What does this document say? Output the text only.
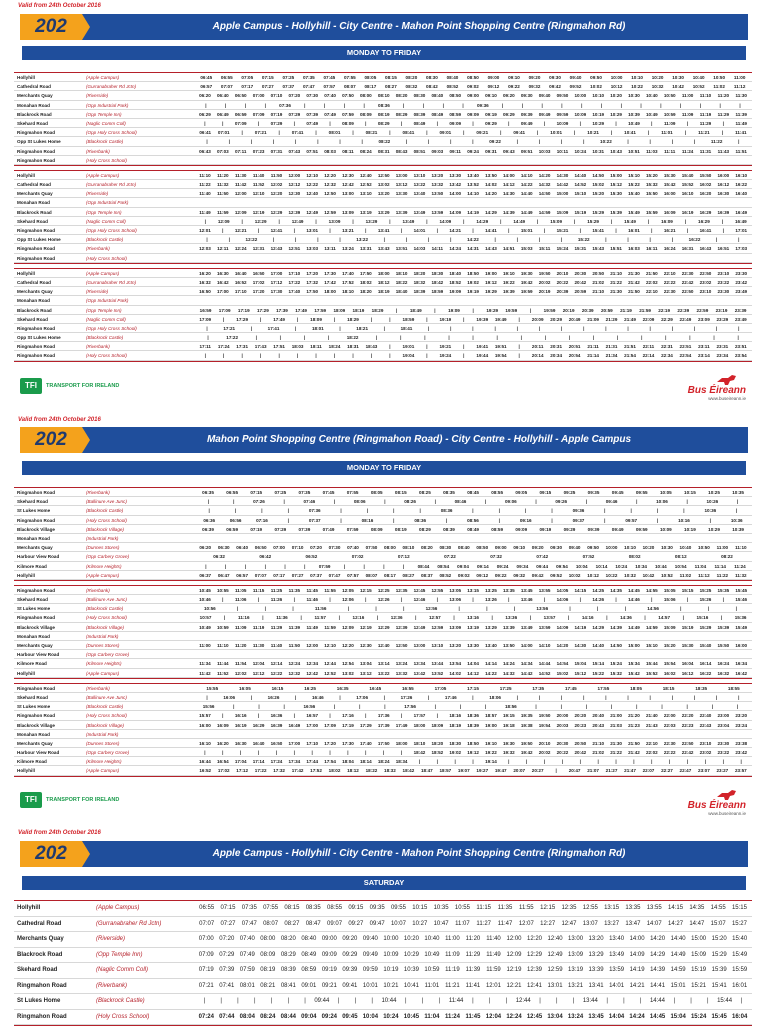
Valid from 24th October 2016
202	Apple Campus - Hollyhill - City Centre - Mahon Point Shopping Centre (Ringmahon Rd)
MONDAY TO FRIDAY
Hollyhill	(Apple Campus)	06:45	06:55	07:05	07:15	07:25	07:35	07:45	07:55	08:05	08:15	08:20	08:30	08:40	08:50	09:00	09:10	09:20	09:30	09:40	09:50	10:00	10:10	10:20	10:30	10:40	10:50	11:00
Cathedral Road	(Gurranabraher Rd Jctn)	06:57	07:07	07:17	07:27	07:37	07:47	07:57	08:07	08:17	08:27	08:32	08:42	08:52	09:02	09:12	09:22	09:32	09:42	09:52	10:02	10:12	10:22	10:32	10:42	10:52	11:02	11:12
Merchants Quay	(Riverside)	06:20	06:40	06:50	07:00	07:10	07:20	07:30	07:40	07:50	08:00	08:10	08:20	08:30	08:40	08:50	09:00	09:10	09:20	09:30	09:40	09:50	10:00	10:10	10:20	10:30	10:40	10:50	11:00	11:10	11:20	11:30
Monahan Road	(Opp Industrial Park)	|	|	|	|	07:36	|	|	|	|	08:36	|	|	|	|	09:36	|	|	|	|	|	|	|	|	|	|	|	|	|
Blackrock Road	(Opp Temple Inn)	06:29	06:49	06:59	07:09	07:19	07:29	07:39	07:49	07:59	08:09	08:19	08:29	08:39	08:49	08:59	09:09	09:19	09:29	09:39	09:49	09:59	10:09	10:19	10:29	10:39	10:49	10:59	11:09	11:19	11:29	11:39
Skehard Road	(Naglic Comm Coll)	|	|	07:09	|	07:29	|	07:49	|	08:09	|	08:29	|	08:49	|	09:09	|	09:29	|	09:49	|	10:09	|	10:29	|	10:49	|	11:09	|	11:29	|	11:49
Ringmahon Road	(Opp Holy Cross School)	06:41	07:01	|	07:21	|	07:41	|	08:01	|	08:21	|	08:41	|	09:01	|	09:21	|	09:41	|	10:01	|	10:21	|	10:41	|	11:01	|	11:21	|	11:41
Opp St Lukes Home	(Blackrock Castle)	|	|	|	|	|	|	|	|	08:22	|	|	|	|	09:22	|	|	|	|	10:22	|	|	|	|	11:22	|
Ringmahon Road	(Riverbank)	06:43	07:03	07:11	07:23	07:31	07:43	07:51	08:03	08:11	08:24	08:31	08:43	08:51	09:03	09:11	09:24	09:31	09:43	09:51	10:03	10:11	10:24	10:31	10:43	10:51	11:03	11:11	11:24	11:31	11:43	11:51
Ringmahon Road	(Holy Cross School)
Hollyhill	(Apple Campus)	11:10	11:20	11:30	11:40	11:50	12:00	12:10	12:20	12:30	12:40	12:50	13:00	13:10	13:20	13:30	13:40	13:50	14:00	14:10	14:20	14:30	14:40	14:50	15:00	15:10	15:20	15:30	15:40	15:50	16:00	16:10
Cathedral Road	(Gurranabraher Rd Jctn)	11:22	11:32	11:42	11:52	12:02	12:12	12:22	12:32	12:42	12:52	13:02	13:12	13:22	13:32	13:42	13:52	14:02	14:12	14:22	14:32	14:42	14:52	15:02	15:12	15:22	15:32	15:42	15:52	16:02	16:12	16:22
Merchants Quay	(Riverside)	11:40	11:50	12:00	12:10	12:20	12:30	12:40	12:50	13:00	13:10	13:20	13:30	13:40	13:50	14:00	14:10	14:20	14:30	14:40	14:50	15:00	15:10	15:20	15:30	15:40	15:50	16:00	16:10	16:20	16:30	16:40
Monahan Road	(Opp Industrial Park)
Blackrock Road	(Opp Temple Inn)	11:49	11:59	12:09	12:19	12:29	12:39	12:49	12:59	13:09	13:19	13:29	13:39	13:49	13:59	14:09	14:19	14:29	14:39	14:49	14:59	15:09	15:19	15:29	15:39	15:49	15:59	16:09	16:19	16:29	16:39	16:49
Skehard Road	(Naglic Comm Coll)	|	12:09	|	12:29	|	12:49	|	13:09	|	13:29	|	13:49	|	14:09	|	14:29	|	14:49	|	15:09	|	15:29	|	15:49	|	16:09	|	16:29	|	16:49
Ringmahon Road	(Opp Holy Cross School)	12:01	|	12:21	|	12:41	|	13:01	|	13:21	|	13:41	|	14:01	|	14:21	|	14:41	|	15:01	|	15:21	|	15:41	|	16:01	|	16:21	|	16:41	|	17:01
Opp St Lukes Home	(Blackrock Castle)	|	|	12:22	|	|	|	|	13:22	|	|	|	|	14:22	|	|	|	|	15:22	|	|	|	|	16:22	|	|
Ringmahon Road	(Riverbank)	12:03	12:11	12:24	12:31	12:43	12:51	13:03	13:11	13:24	13:31	13:43	13:51	14:03	14:11	14:24	14:31	14:43	14:51	15:03	15:11	15:24	15:31	15:43	15:51	16:03	16:11	16:24	16:31	16:43	16:51	17:03
Ringmahon Road	(Holy Cross School)
Hollyhill	(Apple Campus)	16:20	16:30	16:40	16:50	17:00	17:10	17:20	17:30	17:40	17:50	18:00	18:10	18:20	18:30	18:40	18:50	19:00	19:10	19:30	19:50	20:10	20:30	20:50	21:10	21:30	21:50	22:10	22:30	22:50	23:10	23:30
Cathedral Road	(Gurranabraher Rd Jctn)	16:32	16:42	16:52	17:02	17:12	17:22	17:32	17:42	17:52	18:02	18:12	18:22	18:32	18:42	18:52	19:02	19:12	19:22	19:42	20:02	20:22	20:42	21:02	21:22	21:42	22:02	22:22	22:42	23:02	23:22	23:42
Merchants Quay	(Riverside)	16:50	17:00	17:10	17:20	17:30	17:40	17:50	18:00	18:10	18:20	18:19	18:40	18:39	18:59	19:09	19:19	19:29	19:39	19:59	20:19	20:39	20:59	21:10	21:30	21:50	22:10	22:30	22:50	23:10	23:30	23:49
Monahan Road	(Opp Industrial Park)
Blackrock Road	(Opp Temple Inn)	16:59	17:09	17:19	17:29	17:39	17:49	17:59	18:09	18:19	18:29	|	18:49	|	19:09	|	19:29	19:59	|	19:59	20:19	20:39	20:59	21:19	21:59	22:19	22:39	22:59	23:19	23:39
Skehard Road	(Naglic Comm Coll)	17:09	|	17:29	|	17:49	|	18:09	|	18:29	|	|	18:59	|	19:19	|	19:39	19:49	|	20:09	20:29	20:49	21:09	21:29	21:49	22:09	22:29	22:49	23:09	23:29	23:49
Ringmahon Road	(Opp Holy Cross School)	|	17:21	|	17:41	|	18:01	|	18:21	|	18:41	|	|	|	|	|	|	|	|	|	|	|	|	|	|	|
Opp St Lukes Home	(Blackrock Castle)	|	17:22	|	|	|	|	18:22	|	|	|	|	|	|	|	|	|	|	|	|	|	|	|	|
Ringmahon Road	(Riverbank)	17:11	17:24	17:31	17:43	17:51	18:03	18:11	18:24	18:31	18:43	|	19:01	|	19:21	|	19:41	19:51	|	20:11	20:31	20:51	21:11	21:31	21:51	22:11	22:31	22:51	23:11	23:31	23:51
Ringmahon Road	(Holy Cross School)	|	|	|	|	|	|	|	|	|	|	|	19:04	|	19:24	|	19:44	19:54	|	20:14	20:34	20:54	21:14	21:34	21:54	22:14	22:34	22:54	23:14	23:34	23:54
TFI	TRANSPORT FOR IRELAND	Bus Éireann
www.buseireann.ie
Valid from 24th October 2016
202	Mahon Point Shopping Centre (Ringmahon Road) - City Centre - Hollyhill - Apple Campus
MONDAY TO FRIDAY
Ringmahon Road	(Riverbank)	06:35	06:55	07:15	07:25	07:35	07:45	07:55	08:05	08:15	08:25	08:35	08:45	08:55	09:05	09:15	09:25	09:35	09:45	09:55	10:05	10:15	10:25	10:35
Skehard Road	(Ballinure Ave Junc)	|	|	07:26	|	07:46	|	08:06	|	08:26	|	08:46	|	09:06	|	09:26	|	09:46	|	10:06	|	10:26	|
St Lukes Home	(Blackrock Castle)	|	|	|	|	07:36	|	|	|	|	08:36	|	|	|	|	09:36	|	|	|	|	10:36	|
Ringmahon Road	(Holy Cross School)	06:36	06:56	07:16	|	07:37	|	08:16	|	08:36	|	08:56	|	09:16	|	09:37	|	09:57	|	10:16	|	10:36
Blackrock Village	(Blackrock Village)	06:39	06:59	07:19	07:29	07:39	07:49	07:59	08:09	08:19	08:29	08:39	08:49	08:59	09:09	09:19	09:29	09:39	09:49	09:59	10:09	10:19	10:29	10:39
Monahan Road	(Industrial Park)
Merchants Quay	(Dunnes Stores)	06:20	06:30	06:40	06:50	07:00	07:10	07:20	07:30	07:40	07:50	08:00	08:10	08:20	08:30	08:40	08:50	09:00	09:10	09:20	09:30	09:40	09:50	10:00	10:10	10:20	10:30	10:40	10:50	11:00	11:10
Harbour View Road	(Opp Carbery Grove)	06:32	06:42	06:52	07:02	07:12	07:22	07:32	07:42	07:52	08:02	08:12	08:22
Kilmore Road	(Kilmore Heights)	|	|	|	|	|	|	07:59	|	|	|	|	08:44	08:54	09:04	09:14	09:24	09:34	09:44	09:54	10:04	10:14	10:24	10:34	10:44	10:54	11:04	11:14	11:24
Hollyhill	(Apple Campus)	06:37	06:47	06:57	07:07	07:17	07:27	07:37	07:47	07:57	08:07	08:17	08:27	08:37	08:52	09:02	09:12	09:22	09:32	09:42	09:52	10:02	10:12	10:22	10:32	10:42	10:52	11:02	11:12	11:22	11:32
Ringmahon Road	(Riverbank)	10:45	10:55	11:05	11:15	11:25	11:35	11:45	11:55	12:05	12:15	12:25	12:35	12:45	12:55	13:05	13:15	13:25	13:35	13:45	13:55	14:05	14:15	14:25	14:35	14:45	14:55	15:05	15:15	15:25	15:35	15:45
Skehard Road	(Ballinure Ave Junc)	10:46	|	11:06	|	11:26	|	11:46	|	12:06	|	12:26	|	12:46	|	13:06	|	13:26	|	13:46	|	14:06	|	14:26	|	14:46	|	15:06	|	15:26	|	15:46
St Lukes Home	(Blackrock Castle)	10:56	|	|	|	11:56	|	|	|	12:56	|	|	|	13:56	|	|	|	14:56	|	|	|
Ringmahon Road	(Holy Cross School)	10:57	|	11:16	|	11:36	|	11:57	|	12:16	|	12:36	|	12:57	|	13:16	|	13:36	|	13:57	|	14:16	|	14:36	|	14:57	|	15:16	|	15:36
Blackrock Village	(Blackrock Village)	10:49	10:59	11:09	11:19	11:29	11:39	11:49	11:59	12:09	12:19	12:29	12:39	12:49	12:59	13:09	13:19	13:29	13:39	13:49	13:59	14:09	14:19	14:29	14:39	14:49	14:59	15:09	15:19	15:29	15:39	15:49
Monahan Road	(Industrial Park)
Merchants Quay	(Dunnes Stores)	11:00	11:10	11:20	11:30	11:40	11:50	12:00	12:10	12:20	12:30	12:40	12:50	13:00	13:10	13:20	13:30	13:40	13:50	14:00	14:10	14:20	14:30	14:40	14:50	15:00	15:10	15:20	15:30	15:40	15:50	16:00
Harbour View Road	(Opp Carbery Grove)
Kilmore Road	(Kilmore Heights)	11:34	11:44	11:54	12:04	12:14	12:24	12:34	12:44	12:54	13:04	13:14	13:24	13:34	13:44	13:54	14:04	14:14	14:24	14:34	14:44	14:54	15:04	15:14	15:24	15:34	15:44	15:54	16:04	16:14	16:24	16:34
Hollyhill	(Apple Campus)	11:42	11:52	12:02	12:12	12:22	12:32	12:42	12:52	13:02	13:12	13:22	13:32	13:42	13:52	14:02	14:12	14:22	14:32	14:42	14:52	15:02	15:12	15:22	15:32	15:42	15:52	16:02	16:12	16:22	16:32	16:42
Ringmahon Road	(Riverbank)	15:55	16:05	16:15	16:25	16:35	16:45	16:55	17:05	17:15	17:25	17:35	17:45	17:55	18:05	18:15	18:35	18:55
Skehard Road	(Ballinure Ave Junc)	|	16:06	|	16:26	|	16:46	|	17:06	|	17:26	|	17:46	|	18:06	|	|	|	|	|	|	|	|	|	|	|
St Lukes Home	(Blackrock Castle)	15:56	|	|	|	16:56	|	|	|	17:56	|	|	|	18:56	|	|	|	|	|	|	|	|	|
Ringmahon Road	(Holy Cross School)	15:57	|	16:16	|	16:36	|	16:57	|	17:16	|	17:36	|	17:57	|	18:16	18:36	18:57	19:15	19:35	19:50	20:00	20:20	20:40	21:00	21:20	21:40	22:00	22:20	22:40	23:00	23:20
Blackrock Village	(Blackrock Village)	16:00	16:09	16:19	16:29	16:39	16:49	17:00	17:09	17:19	17:29	17:39	17:49	18:00	18:09	18:19	18:39	19:00	19:18	19:38	19:54	20:03	20:23	20:43	21:03	21:23	21:43	22:03	22:23	22:43	23:04	23:24
Monahan Road	(Industrial Park)
Merchants Quay	(Dunnes Stores)	16:10	16:20	16:30	16:40	16:50	17:00	17:10	17:20	17:30	17:40	17:50	18:00	18:10	18:20	18:30	18:50	19:10	19:30	19:50	20:10	20:30	20:50	21:10	21:30	21:50	22:10	22:30	22:50	23:10	23:30	23:38
Harbour View Road	(Opp Carbery Grove)	|	|	|	|	|	|	|	|	|	|	|	|	18:42	18:52	19:02	19:12	19:22	19:32	19:42	20:02	20:22	20:42	21:02	21:22	21:42	22:02	22:22	22:42	23:02	23:22	23:42
Kilmore Road	(Kilmore Heights)	16:44	16:54	17:04	17:14	17:24	17:34	17:44	17:54	18:04	18:14	18:24	18:34	|	|	|	|	19:14	|	|	|	|	|	|	|	|	|	|	|	|	|	|
Hollyhill	(Apple Campus)	16:52	17:02	17:12	17:22	17:32	17:42	17:52	18:02	18:12	18:22	18:32	18:42	18:47	18:57	19:07	19:27	19:47	20:07	20:27	|	20:47	21:07	21:27	21:47	22:07	22:27	22:47	23:07	23:27	23:57
TFI	TRANSPORT FOR IRELAND	Bus Éireann
www.buseireann.ie
Valid from 24th October 2016
202	Apple Campus - Hollyhill - City Centre - Mahon Point Shopping Centre (Ringmahon Rd)
SATURDAY
Hollyhill	(Apple Campus)	06:55	07:15	07:35	07:55	08:15	08:35	08:55	09:15	09:35	09:55	10:15	10:35	10:55	11:15	11:35	11:55	12:15	12:35	12:55	13:15	13:35	13:55	14:15	14:35	14:55	15:15
Cathedral Road	(Gurranabraher Rd Jctn)	07:07	07:27	07:47	08:07	08:27	08:47	09:07	09:27	09:47	10:07	10:27	10:47	11:07	11:27	11:47	12:07	12:27	12:47	13:07	13:27	13:47	14:07	14:27	14:47	15:07	15:27
Merchants Quay	(Riverside)	07:00 07:20 07:40 08:00 08:20 08:40 09:00 09:20 09:40 10:00 10:20 10:40 11:00 11:20 11:40 12:00 12:20 12:40 13:00 13:20 13:40 14:00 14:20 14:40 15:00 15:20 15:40
Blackrock Road	(Opp Temple Inn)	07:09 07:29 07:49 08:09 08:29 08:49 09:09 09:29 09:49 10:09 10:29 10:49 11:09 11:29 11:49 12:09 12:29 12:49 13:09 13:29 13:49 14:09 14:29 14:49 15:09 15:29 15:49
Skehard Road	(Naglic Comm Coll)	07:19 07:39 07:59 08:19 08:39 08:59 09:19 09:39 09:59 10:19 10:39 10:59 11:19 11:39 11:59 12:19 12:39 12:59 13:19 13:39 13:59 14:19 14:39 14:59 15:19 15:39 15:59
Ringmahon Road	(Riverbank)	07:21 07:41 08:01 08:21 08:41 09:01 09:21 09:41 10:01 10:21 10:41 11:01 11:21 11:41 12:01 12:21 12:41 13:01 13:21 13:41 14:01 14:21 14:41 15:01 15:21 15:41 16:01
St Lukes Home	(Blackrock Castle)	|	|	|	|	|	|	|	09:44	|	|	|	10:44	|	|	|	11:44	|	|	|	12:44	|	|	|	13:44	|	|	|	14:44	|	|	|	15:44	|
Ringmahon Road	(Holy Cross School)	07:24 07:44 08:04 08:24 08:44 09:04 09:24 09:45 10:04 10:24 10:45 11:04 11:24 11:45 12:04 12:24 12:45 13:04 13:24 13:45 14:04 14:24 14:45 15:04 15:24 15:45 16:04
